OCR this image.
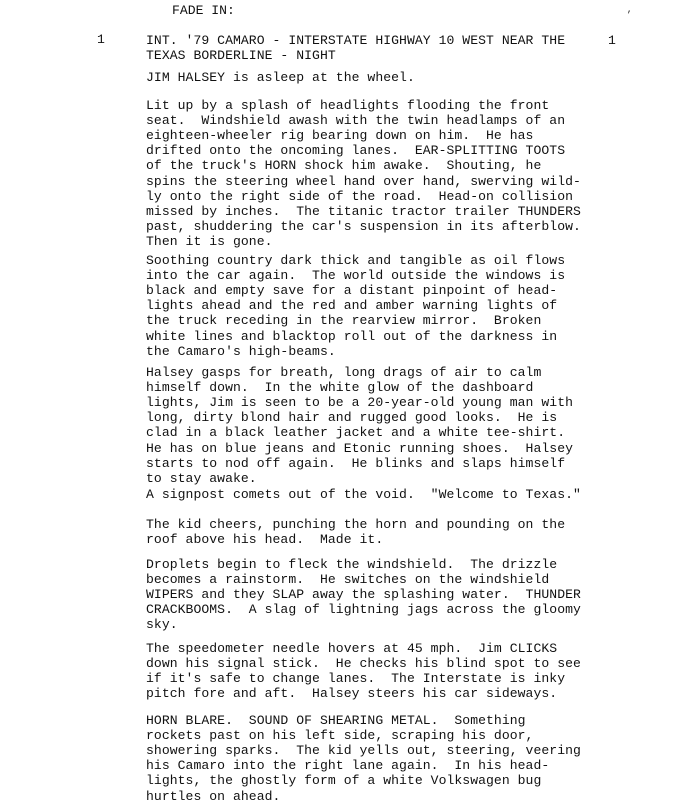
FADE IN:	’
1	1
INT. '79 CAMARO - INTERSTATE HIGHWAY 10 WEST NEAR THE
TEXAS BORDERLINE - NIGHT
JIM HALSEY is asleep at the wheel.
Lit up by a splash of headlights flooding the front
seat.  Windshield awash with the twin headlamps of an
eighteen-wheeler rig bearing down on him.  He has
drifted onto the oncoming lanes.  EAR-SPLITTING TOOTS
of the truck's HORN shock him awake.  Shouting, he
spins the steering wheel hand over hand, swerving wild-
ly onto the right side of the road.  Head-on collision
missed by inches.  The titanic tractor trailer THUNDERS
past, shuddering the car's suspension in its afterblow.
Then it is gone.
Soothing country dark thick and tangible as oil flows
into the car again.  The world outside the windows is
black and empty save for a distant pinpoint of head-
lights ahead and the red and amber warning lights of
the truck receding in the rearview mirror.  Broken
white lines and blacktop roll out of the darkness in
the Camaro's high-beams.
Halsey gasps for breath, long drags of air to calm
himself down.  In the white glow of the dashboard
lights, Jim is seen to be a 20-year-old young man with
long, dirty blond hair and rugged good looks.  He is
clad in a black leather jacket and a white tee-shirt.
He has on blue jeans and Etonic running shoes.  Halsey
starts to nod off again.  He blinks and slaps himself
to stay awake.
A signpost comets out of the void.  "Welcome to Texas."
The kid cheers, punching the horn and pounding on the
roof above his head.  Made it.
Droplets begin to fleck the windshield.  The drizzle
becomes a rainstorm.  He switches on the windshield
WIPERS and they SLAP away the splashing water.  THUNDER
CRACKBOOMS.  A slag of lightning jags across the gloomy
sky.
The speedometer needle hovers at 45 mph.  Jim CLICKS
down his signal stick.  He checks his blind spot to see
if it's safe to change lanes.  The Interstate is inky
pitch fore and aft.  Halsey steers his car sideways.
HORN BLARE.  SOUND OF SHEARING METAL.  Something
rockets past on his left side, scraping his door,
showering sparks.  The kid yells out, steering, veering
his Camaro into the right lane again.  In his head-
lights, the ghostly form of a white Volkswagen bug
hurtles on ahead.
